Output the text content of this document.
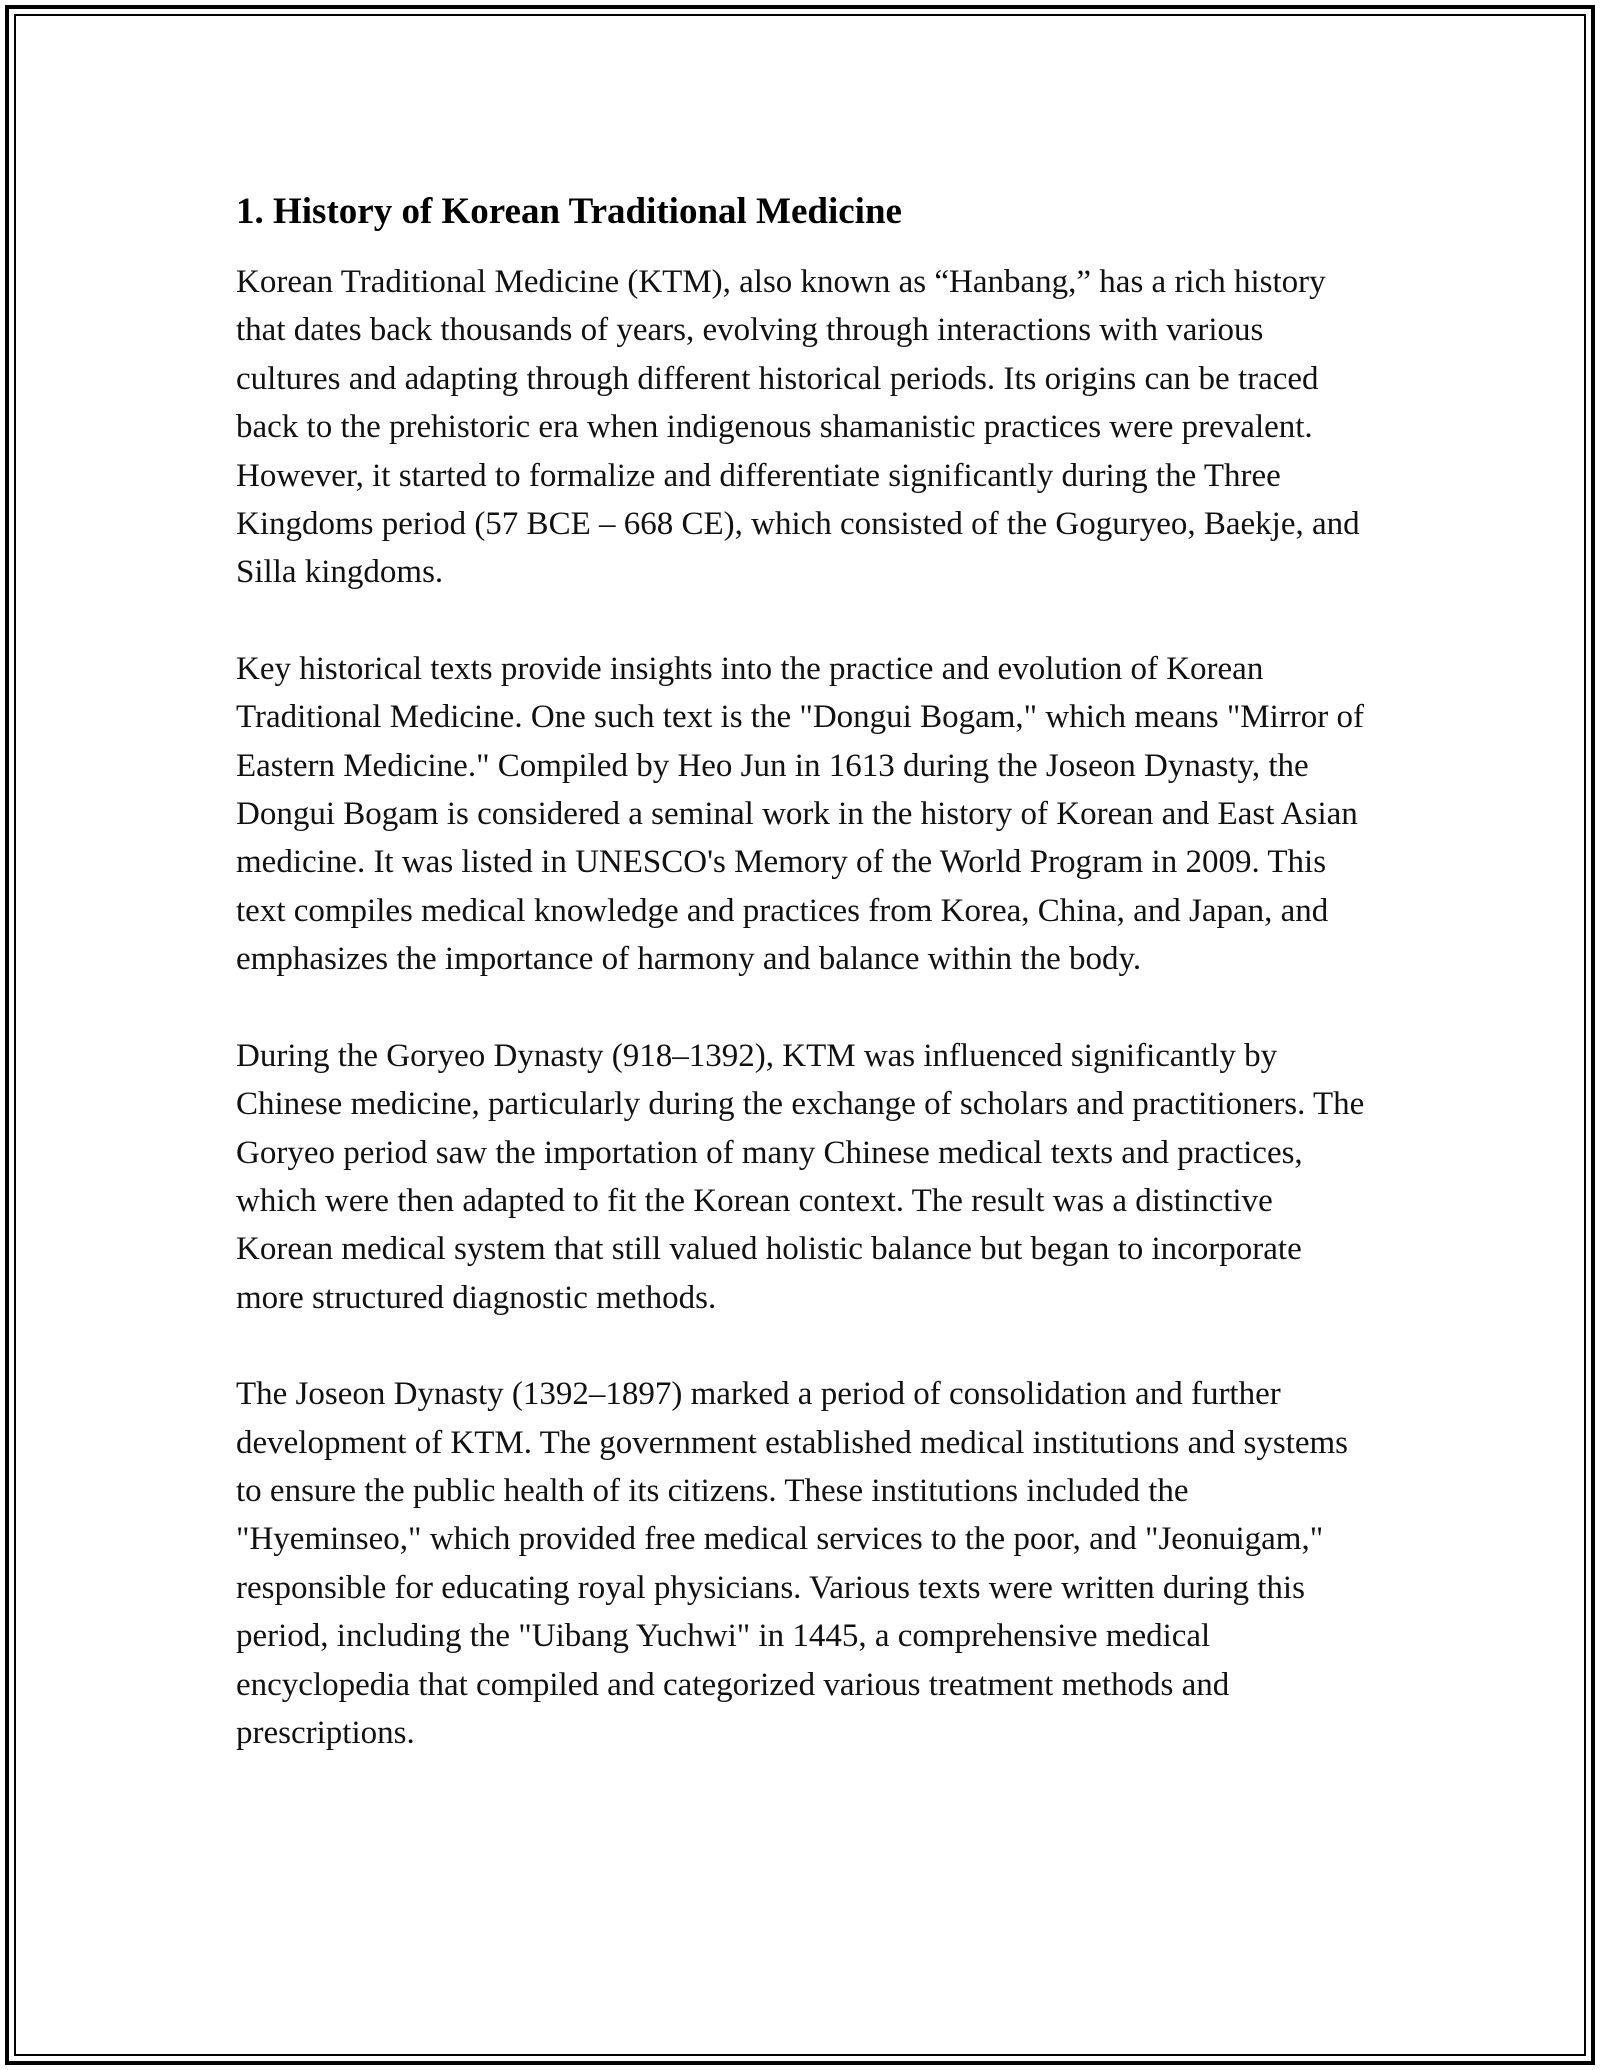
1. History of Korean Traditional Medicine

Korean Traditional Medicine (KTM), also known as “Hanbang,” has a rich history that dates back thousands of years, evolving through interactions with various cultures and adapting through different historical periods. Its origins can be traced back to the prehistoric era when indigenous shamanistic practices were prevalent. However, it started to formalize and differentiate significantly during the Three Kingdoms period (57 BCE – 668 CE), which consisted of the Goguryeo, Baekje, and Silla kingdoms.

Key historical texts provide insights into the practice and evolution of Korean Traditional Medicine. One such text is the "Dongui Bogam," which means "Mirror of Eastern Medicine." Compiled by Heo Jun in 1613 during the Joseon Dynasty, the Dongui Bogam is considered a seminal work in the history of Korean and East Asian medicine. It was listed in UNESCO's Memory of the World Program in 2009. This text compiles medical knowledge and practices from Korea, China, and Japan, and emphasizes the importance of harmony and balance within the body.

During the Goryeo Dynasty (918–1392), KTM was influenced significantly by Chinese medicine, particularly during the exchange of scholars and practitioners. The Goryeo period saw the importation of many Chinese medical texts and practices, which were then adapted to fit the Korean context. The result was a distinctive Korean medical system that still valued holistic balance but began to incorporate more structured diagnostic methods.

The Joseon Dynasty (1392–1897) marked a period of consolidation and further development of KTM. The government established medical institutions and systems to ensure the public health of its citizens. These institutions included the "Hyeminseo," which provided free medical services to the poor, and "Jeonuigam," responsible for educating royal physicians. Various texts were written during this period, including the "Uibang Yuchwi" in 1445, a comprehensive medical encyclopedia that compiled and categorized various treatment methods and prescriptions.
